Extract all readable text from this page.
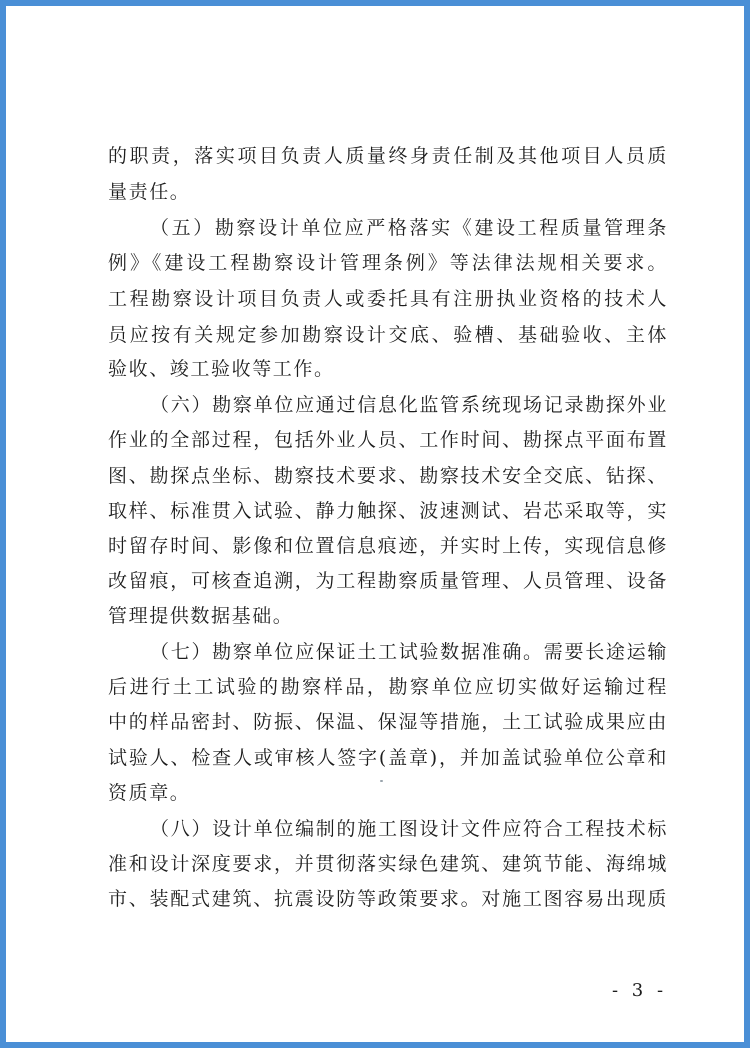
的职责，落实项目负责人质量终身责任制及其他项目人员质
量责任。
（五）勘察设计单位应严格落实《建设工程质量管理条
例》《建设工程勘察设计管理条例》等法律法规相关要求。
工程勘察设计项目负责人或委托具有注册执业资格的技术人
员应按有关规定参加勘察设计交底、验槽、基础验收、主体
验收、竣工验收等工作。
（六）勘察单位应通过信息化监管系统现场记录勘探外业
作业的全部过程，包括外业人员、工作时间、勘探点平面布置
图、勘探点坐标、勘察技术要求、勘察技术安全交底、钻探、
取样、标准贯入试验、静力触探、波速测试、岩芯采取等，实
时留存时间、影像和位置信息痕迹，并实时上传，实现信息修
改留痕，可核查追溯，为工程勘察质量管理、人员管理、设备
管理提供数据基础。
（七）勘察单位应保证土工试验数据准确。需要长途运输
后进行土工试验的勘察样品，勘察单位应切实做好运输过程
中的样品密封、防振、保温、保湿等措施，土工试验成果应由
试验人、检查人或审核人签字(盖章)，并加盖试验单位公章和
资质章。
（八）设计单位编制的施工图设计文件应符合工程技术标
准和设计深度要求，并贯彻落实绿色建筑、建筑节能、海绵城
市、装配式建筑、抗震设防等政策要求。对施工图容易出现质
- 3 -
